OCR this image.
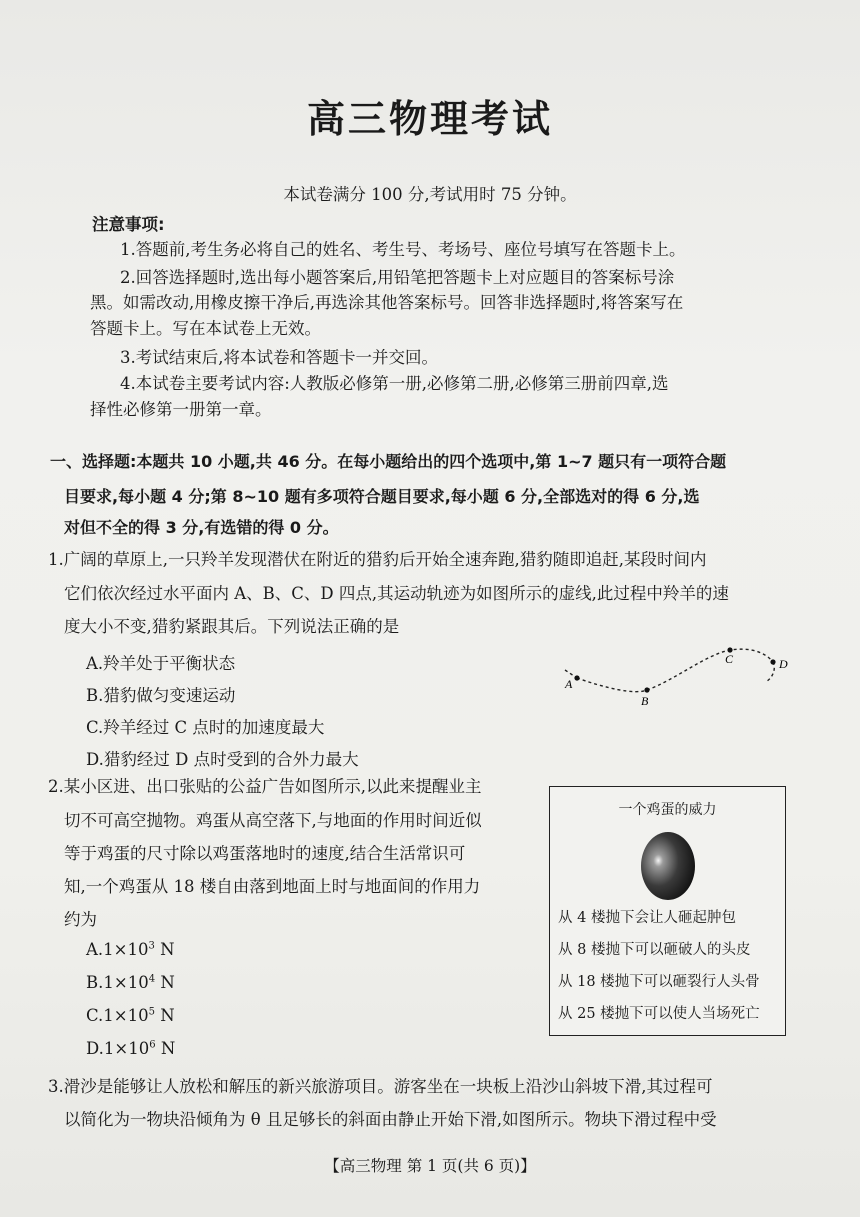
高三物理考试
本试卷满分 100 分,考试用时 75 分钟。
注意事项:
1.答题前,考生务必将自己的姓名、考生号、考场号、座位号填写在答题卡上。
2.回答选择题时,选出每小题答案后,用铅笔把答题卡上对应题目的答案标号涂
黑。如需改动,用橡皮擦干净后,再选涂其他答案标号。回答非选择题时,将答案写在
答题卡上。写在本试卷上无效。
3.考试结束后,将本试卷和答题卡一并交回。
4.本试卷主要考试内容:人教版必修第一册,必修第二册,必修第三册前四章,选
择性必修第一册第一章。
一、选择题:本题共 10 小题,共 46 分。在每小题给出的四个选项中,第 1~7 题只有一项符合题
目要求,每小题 4 分;第 8~10 题有多项符合题目要求,每小题 6 分,全部选对的得 6 分,选
对但不全的得 3 分,有选错的得 0 分。
1.广阔的草原上,一只羚羊发现潜伏在附近的猎豹后开始全速奔跑,猎豹随即追赶,某段时间内
它们依次经过水平面内 A、B、C、D 四点,其运动轨迹为如图所示的虚线,此过程中羚羊的速
度大小不变,猎豹紧跟其后。下列说法正确的是
A.羚羊处于平衡状态
B.猎豹做匀变速运动
C.羚羊经过 C 点时的加速度最大
D.猎豹经过 D 点时受到的合外力最大
A
B
C	D
2.某小区进、出口张贴的公益广告如图所示,以此来提醒业主
切不可高空抛物。鸡蛋从高空落下,与地面的作用时间近似
等于鸡蛋的尺寸除以鸡蛋落地时的速度,结合生活常识可
知,一个鸡蛋从 18 楼自由落到地面上时与地面间的作用力
约为
$A.1\times 10^3$ N
$B.1\times 10^4$ N
$C.1\times 10^5$ N
$D.1\times 10^6$ N
一个鸡蛋的威力
从 4 楼抛下会让人砸起肿包
从 8 楼抛下可以砸破人的头皮
从 18 楼抛下可以砸裂行人头骨
从 25 楼抛下可以使人当场死亡
3.滑沙是能够让人放松和解压的新兴旅游项目。游客坐在一块板上沿沙山斜坡下滑,其过程可
以简化为一物块沿倾角为 θ 且足够长的斜面由静止开始下滑,如图所示。物块下滑过程中受
【高三物理 第 1 页(共 6 页)】
